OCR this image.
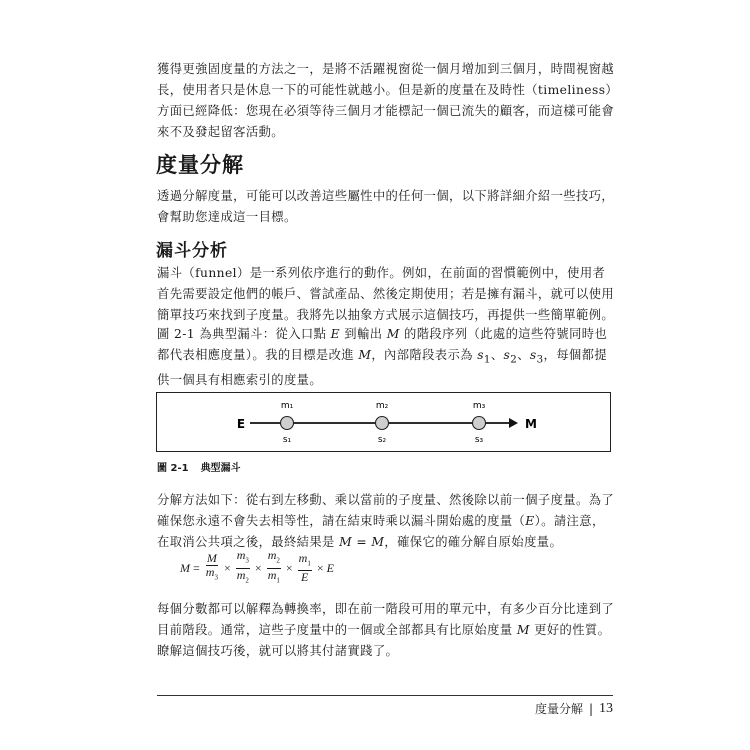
獲得更強固度量的方法之一，是將不活躍視窗從一個月增加到三個月，時間視窗越長，使用者只是休息一下的可能性就越小。但是新的度量在及時性（timeliness）方面已經降低：您現在必須等待三個月才能標記一個已流失的顧客，而這樣可能會來不及發起留客活動。

度量分解

透過分解度量，可能可以改善這些屬性中的任何一個，以下將詳細介紹一些技巧，會幫助您達成這一目標。

漏斗分析

漏斗（funnel）是一系列依序進行的動作。例如，在前面的習慣範例中，使用者首先需要設定他們的帳戶、嘗試產品、然後定期使用；若是擁有漏斗，就可以使用簡單技巧來找到子度量。我將先以抽象方式展示這個技巧，再提供一些簡單範例。

圖 2-1 為典型漏斗：從入口點 E 到輸出 M 的階段序列（此處的這些符號同時也都代表相應度量）。我的目標是改進 M，內部階段表示為 $s_1$、$s_2$、$s_3$，每個都提供一個具有相應索引的度量。

E	M
m₁
s₁
m₂
s₂
m₃
s₃

圖 2-1 典型漏斗

分解方法如下：從右到左移動、乘以當前的子度量、然後除以前一個子度量。為了確保您永遠不會失去相等性，請在結束時乘以漏斗開始處的度量（E）。請注意，在取消公共項之後，最終結果是 M = M，確保它的確分解自原始度量。

$M = \frac{M}{m_3} \times \frac{m_3}{m_2} \times \frac{m_2}{m_1} \times \frac{m_1}{E} \times E$

每個分數都可以解釋為轉換率，即在前一階段可用的單元中，有多少百分比達到了目前階段。通常，這些子度量中的一個或全部都具有比原始度量 M 更好的性質。瞭解這個技巧後，就可以將其付諸實踐了。

度量分解 | 13
